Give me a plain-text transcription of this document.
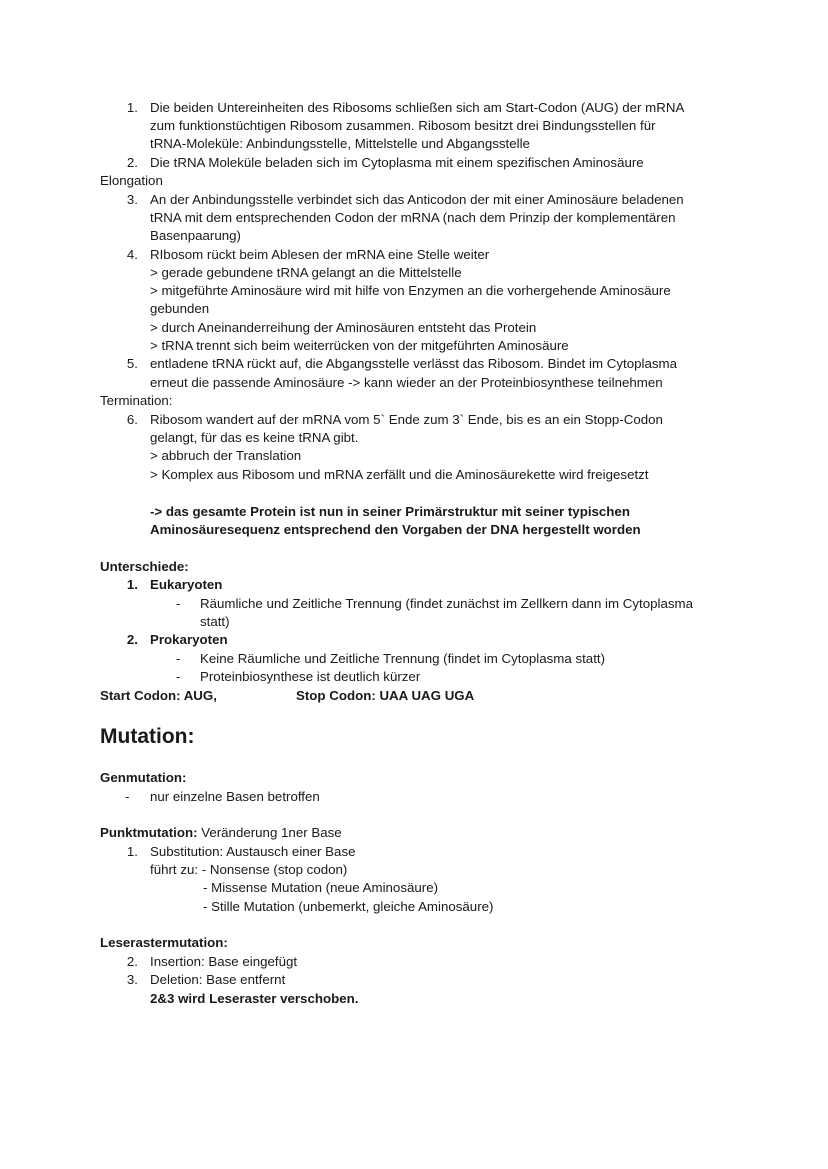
1. Die beiden Untereinheiten des Ribosoms schließen sich am Start-Codon (AUG) der mRNA
zum funktionstüchtigen Ribosom zusammen. Ribosom besitzt drei Bindungsstellen für
tRNA-Moleküle: Anbindungsstelle, Mittelstelle und Abgangsstelle
2. Die tRNA Moleküle beladen sich im Cytoplasma mit einem spezifischen Aminosäure
Elongation
3. An der Anbindungsstelle verbindet sich das Anticodon der mit einer Aminosäure beladenen
tRNA mit dem entsprechenden Codon der mRNA (nach dem Prinzip der komplementären
Basenpaarung)
4. RIbosom rückt beim Ablesen der mRNA eine Stelle weiter
> gerade gebundene tRNA gelangt an die Mittelstelle
> mitgeführte Aminosäure wird mit hilfe von Enzymen an die vorhergehende Aminosäure
gebunden
> durch Aneinanderreihung der Aminosäuren entsteht das Protein
> tRNA trennt sich beim weiterrücken von der mitgeführten Aminosäure
5. entladene tRNA rückt auf, die Abgangsstelle verlässt das Ribosom. Bindet im Cytoplasma
erneut die passende Aminosäure -> kann wieder an der Proteinbiosynthese teilnehmen
Termination:
6. Ribosom wandert auf der mRNA vom 5` Ende zum 3` Ende, bis es an ein Stopp-Codon
gelangt, für das es keine tRNA gibt.
> abbruch der Translation
> Komplex aus Ribosom und mRNA zerfällt und die Aminosäurekette wird freigesetzt
-> das gesamte Protein ist nun in seiner Primärstruktur mit seiner typischen
Aminosäuresequenz entsprechend den Vorgaben der DNA hergestellt worden
Unterschiede:
1. Eukaryoten
- Räumliche und Zeitliche Trennung (findet zunächst im Zellkern dann im Cytoplasma
statt)
2. Prokaryoten
- Keine Räumliche und Zeitliche Trennung (findet im Cytoplasma statt)
- Proteinbiosynthese ist deutlich kürzer
Start Codon: AUG,	Stop Codon: UAA UAG UGA
Mutation:
Genmutation:
- nur einzelne Basen betroffen
Punktmutation: Veränderung 1ner Base
1. Substitution: Austausch einer Base
führt zu: - Nonsense (stop codon)
- Missense Mutation (neue Aminosäure)
- Stille Mutation (unbemerkt, gleiche Aminosäure)
Leserastermutation:
2. Insertion: Base eingefügt
3. Deletion: Base entfernt
2&3 wird Leseraster verschoben.
